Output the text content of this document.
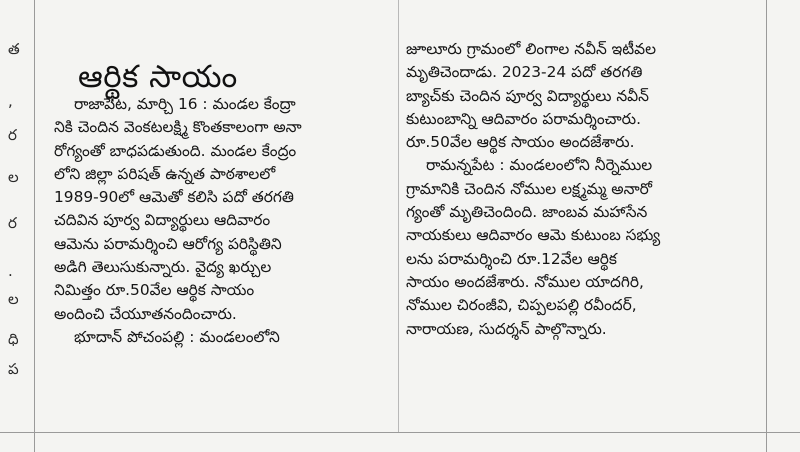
త
,
ర
ల
ర
.
ల
ధి
ప
ఆర్థిక సాయం

రాజాపేట, మార్చి 16 : మండల కేంద్రా

నికి చెందిన వెంకటలక్ష్మి కొంతకాలంగా అనా

రోగ్యంతో బాధపడుతుంది. మండల కేంద్రం

లోని జిల్లా పరిషత్ ఉన్నత పాఠశాలలో

1989-90లో ఆమెతో కలిసి పదో తరగతి

చదివిన పూర్వ విద్యార్థులు ఆదివారం

ఆమెను పరామర్శించి ఆరోగ్య పరిస్థితిని

అడిగి తెలుసుకున్నారు. వైద్య ఖర్చుల

నిమిత్తం రూ.50వేల ఆర్థిక సాయం

అందించి చేయూతనందించారు.

భూదాన్ పోచంపల్లి : మండలంలోని

జూలూరు గ్రామంలో లింగాల నవీన్ ఇటీవల

మృతిచెందాడు. 2023-24 పదో తరగతి

బ్యాచ్‌కు చెందిన పూర్వ విద్యార్థులు నవీన్

కుటుంబాన్ని ఆదివారం పరామర్శించారు.

రూ.50వేల ఆర్థిక సాయం అందజేశారు.

రామన్నపేట : మండలంలోని నీర్నెముల

గ్రామానికి చెందిన నోముల లక్ష్మమ్మ అనారో

గ్యంతో మృతిచెందింది. జాంబవ మహాసేన

నాయకులు ఆదివారం ఆమె కుటుంబ సభ్యు

లను పరామర్శించి రూ.12వేల ఆర్థిక

సాయం అందజేశారు. నోముల యాదగిరి,

నోముల చిరంజీవి, చిప్పలపల్లి రవీందర్,

నారాయణ, సుదర్శన్ పాల్గొన్నారు.
